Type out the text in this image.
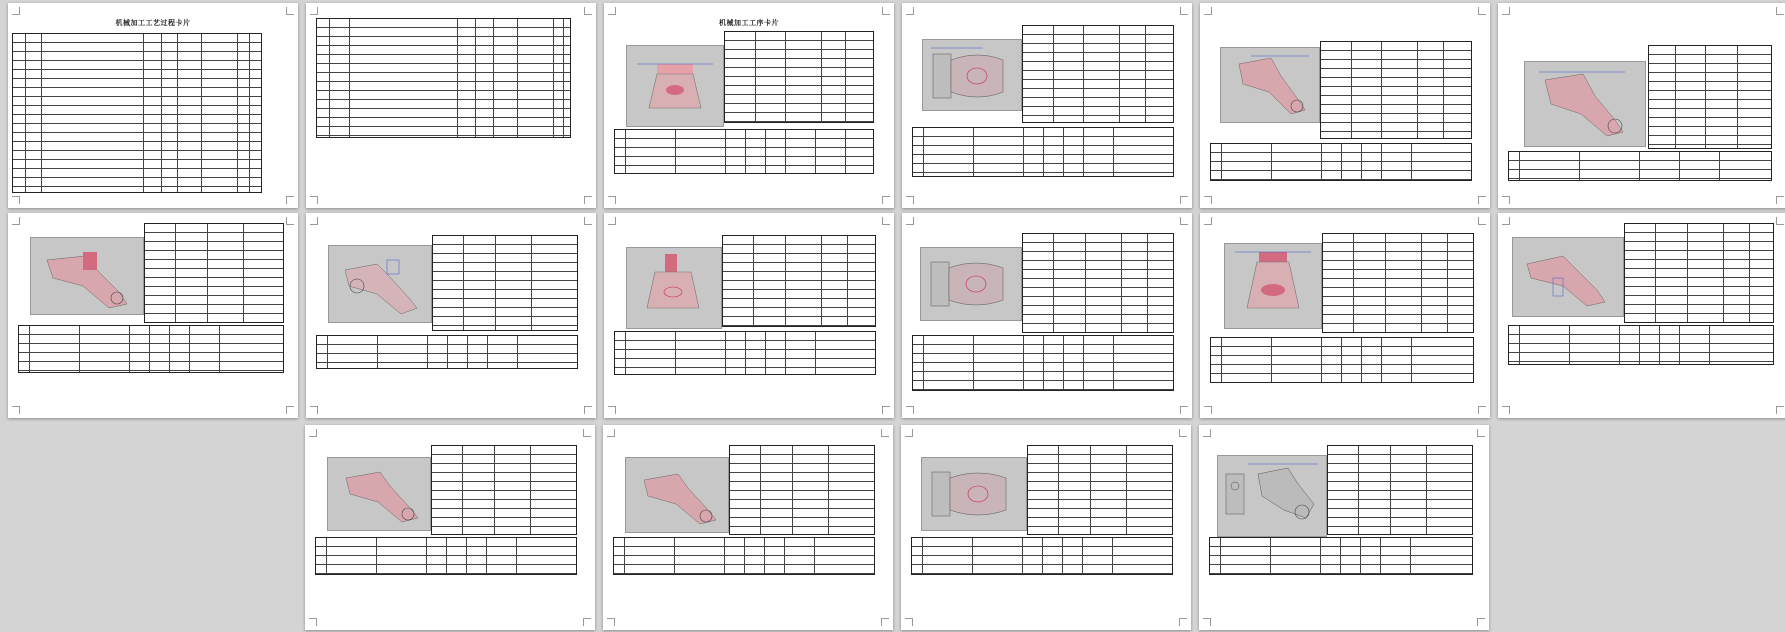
机械加工工艺过程卡片	机械加工工序卡片
